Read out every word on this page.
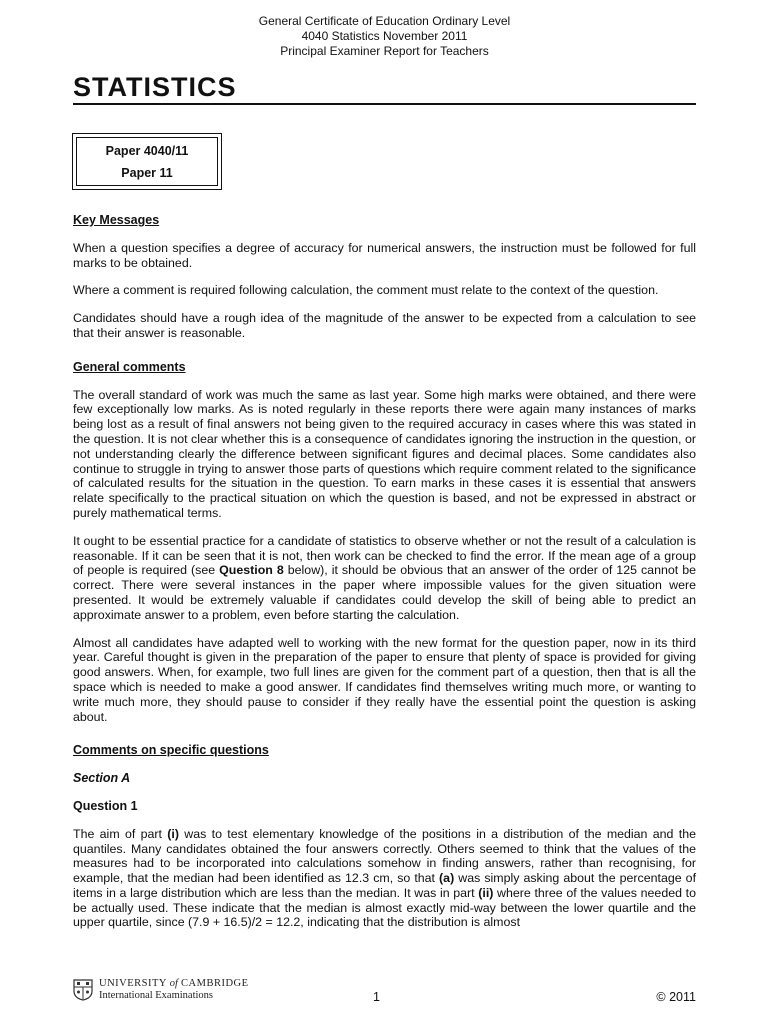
General Certificate of Education Ordinary Level
4040 Statistics November 2011
Principal Examiner Report for Teachers
STATISTICS
Paper 4040/11
Paper 11
Key Messages

When a question specifies a degree of accuracy for numerical answers, the instruction must be followed for full marks to be obtained.

Where a comment is required following calculation, the comment must relate to the context of the question.

Candidates should have a rough idea of the magnitude of the answer to be expected from a calculation to see that their answer is reasonable.

General comments

The overall standard of work was much the same as last year. Some high marks were obtained, and there were few exceptionally low marks. As is noted regularly in these reports there were again many instances of marks being lost as a result of final answers not being given to the required accuracy in cases where this was stated in the question. It is not clear whether this is a consequence of candidates ignoring the instruction in the question, or not understanding clearly the difference between significant figures and decimal places. Some candidates also continue to struggle in trying to answer those parts of questions which require comment related to the significance of calculated results for the situation in the question. To earn marks in these cases it is essential that answers relate specifically to the practical situation on which the question is based, and not be expressed in abstract or purely mathematical terms.

It ought to be essential practice for a candidate of statistics to observe whether or not the result of a calculation is reasonable. If it can be seen that it is not, then work can be checked to find the error. If the mean age of a group of people is required (see Question 8 below), it should be obvious that an answer of the order of 125 cannot be correct. There were several instances in the paper where impossible values for the given situation were presented. It would be extremely valuable if candidates could develop the skill of being able to predict an approximate answer to a problem, even before starting the calculation.

Almost all candidates have adapted well to working with the new format for the question paper, now in its third year. Careful thought is given in the preparation of the paper to ensure that plenty of space is provided for giving good answers. When, for example, two full lines are given for the comment part of a question, then that is all the space which is needed to make a good answer. If candidates find themselves writing much more, or wanting to write much more, they should pause to consider if they really have the essential point the question is asking about.

Comments on specific questions
Section A
Question 1

The aim of part (i) was to test elementary knowledge of the positions in a distribution of the median and the quantiles. Many candidates obtained the four answers correctly. Others seemed to think that the values of the measures had to be incorporated into calculations somehow in finding answers, rather than recognising, for example, that the median had been identified as 12.3 cm, so that (a) was simply asking about the percentage of items in a large distribution which are less than the median. It was in part (ii) where three of the values needed to be actually used. These indicate that the median is almost exactly mid-way between the lower quartile and the upper quartile, since (7.9 + 16.5)/2 = 12.2, indicating that the distribution is almost

UNIVERSITY of CAMBRIDGE
International Examinations	1	© 2011
